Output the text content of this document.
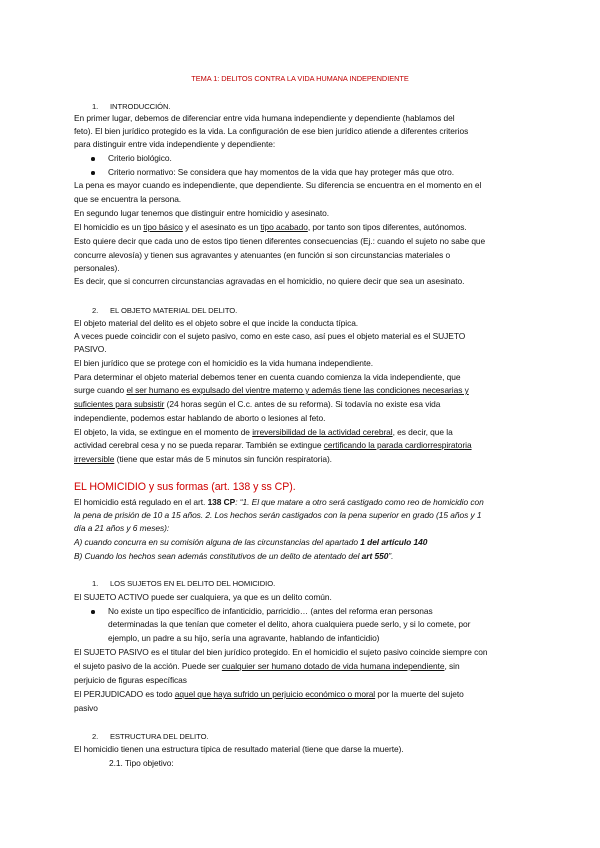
TEMA 1: DELITOS CONTRA LA VIDA HUMANA INDEPENDIENTE
1. INTRODUCCIÓN.
En primer lugar, debemos de diferenciar entre vida humana independiente y dependiente (hablamos del
feto). El bien jurídico protegido es la vida. La configuración de ese bien jurídico atiende a diferentes criterios
para distinguir entre vida independiente y dependiente:
Criterio biológico.
Criterio normativo: Se considera que hay momentos de la vida que hay proteger más que otro.
La pena es mayor cuando es independiente, que dependiente. Su diferencia se encuentra en el momento en el
que se encuentra la persona.
En segundo lugar tenemos que distinguir entre homicidio y asesinato.
El homicidio es un tipo básico y el asesinato es un tipo acabado, por tanto son tipos diferentes, autónomos.
Esto quiere decir que cada uno de estos tipo tienen diferentes consecuencias (Ej.: cuando el sujeto no sabe que
concurre alevosía) y tienen sus agravantes y atenuantes (en función si son circunstancias materiales o
personales).
Es decir, que si concurren circunstancias agravadas en el homicidio, no quiere decir que sea un asesinato.
2. EL OBJETO MATERIAL DEL DELITO.
El objeto material del delito es el objeto sobre el que incide la conducta típica.
A veces puede coincidir con el sujeto pasivo, como en este caso, así pues el objeto material es el SUJETO
PASIVO.
El bien jurídico que se protege con el homicidio es la vida humana independiente.
Para determinar el objeto material debemos tener en cuenta cuando comienza la vida independiente, que
surge cuando el ser humano es expulsado del vientre materno y además tiene las condiciones necesarias y
suficientes para subsistir (24 horas según el C.c. antes de su reforma). Si todavía no existe esa vida
independiente, podemos estar hablando de aborto o lesiones al feto.
El objeto, la vida, se extingue en el momento de irreversibilidad de la actividad cerebral, es decir, que la
actividad cerebral cesa y no se pueda reparar. También se extingue certificando la parada cardiorrespiratoria
irreversible (tiene que estar más de 5 minutos sin función respiratoria).
EL HOMICIDIO y sus formas (art. 138 y ss CP).
El homicidio está regulado en el art. 138 CP: “1. El que matare a otro será castigado como reo de homicidio con
la pena de prisión de 10 a 15 años. 2. Los hechos serán castigados con la pena superior en grado (15 años y 1
día a 21 años y 6 meses):
A) cuando concurra en su comisión alguna de las circunstancias del apartado 1 del artículo 140
B) Cuando los hechos sean además constitutivos de un delito de atentado del art 550”.
1. LOS SUJETOS EN EL DELITO DEL HOMICIDIO.
El SUJETO ACTIVO puede ser cualquiera, ya que es un delito común.
No existe un tipo específico de infanticidio, parricidio… (antes del reforma eran personas
determinadas la que tenían que cometer el delito, ahora cualquiera puede serlo, y si lo comete, por
ejemplo, un padre a su hijo, sería una agravante, hablando de infanticidio)
El SUJETO PASIVO es el titular del bien jurídico protegido. En el homicidio el sujeto pasivo coincide siempre con
el sujeto pasivo de la acción. Puede ser cualquier ser humano dotado de vida humana independiente, sin
perjuicio de figuras específicas
El PERJUDICADO es todo aquel que haya sufrido un perjuicio económico o moral por la muerte del sujeto
pasivo
2. ESTRUCTURA DEL DELITO.
El homicidio tienen una estructura típica de resultado material (tiene que darse la muerte).
2.1. Tipo objetivo:
